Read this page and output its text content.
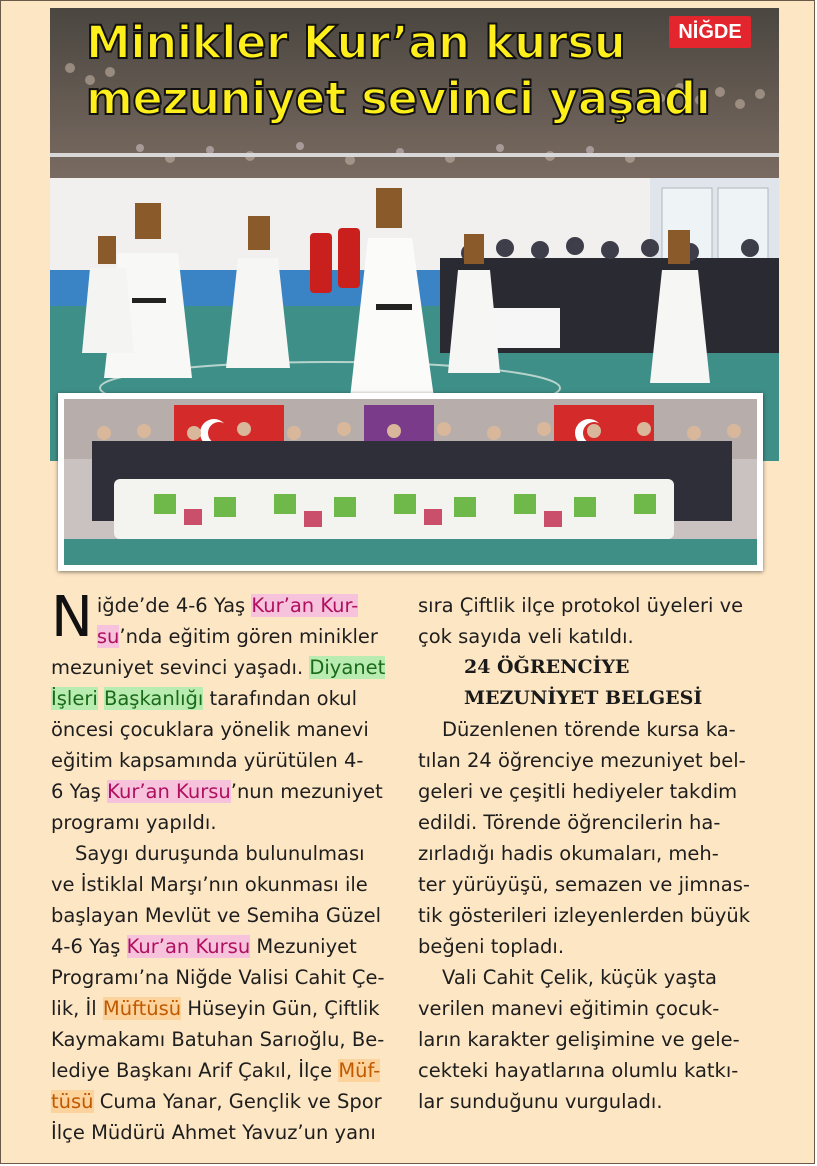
Minikler Kur’an kursu
mezuniyet sevinci yaşadı
NİĞDE
N iğde’de 4-6 Yaş Kur’an Kur-
su’nda eğitim gören minikler
mezuniyet sevinci yaşadı. Diyanet
İşleri Başkanlığı tarafından okul
öncesi çocuklara yönelik manevi
eğitim kapsamında yürütülen 4-
6 Yaş Kur’an Kursu’nun mezuniyet
programı yapıldı.
Saygı duruşunda bulunulması
ve İstiklal Marşı’nın okunması ile
başlayan Mevlüt ve Semiha Güzel
4-6 Yaş Kur’an Kursu Mezuniyet
Programı’na Niğde Valisi Cahit Çe-
lik, İl Müftüsü Hüseyin Gün, Çiftlik
Kaymakamı Batuhan Sarıoğlu, Be-
lediye Başkanı Arif Çakıl, İlçe Müf-
tüsü Cuma Yanar, Gençlik ve Spor
İlçe Müdürü Ahmet Yavuz’un yanı
sıra Çiftlik ilçe protokol üyeleri ve
çok sayıda veli katıldı.
24 ÖĞRENCİYE
MEZUNİYET BELGESİ
Düzenlenen törende kursa ka-
tılan 24 öğrenciye mezuniyet bel-
geleri ve çeşitli hediyeler takdim
edildi. Törende öğrencilerin ha-
zırladığı hadis okumaları, meh-
ter yürüyüşü, semazen ve jimnas-
tik gösterileri izleyenlerden büyük
beğeni topladı.
Vali Cahit Çelik, küçük yaşta
verilen manevi eğitimin çocuk-
ların karakter gelişimine ve gele-
cekteki hayatlarına olumlu katkı-
lar sunduğunu vurguladı.
